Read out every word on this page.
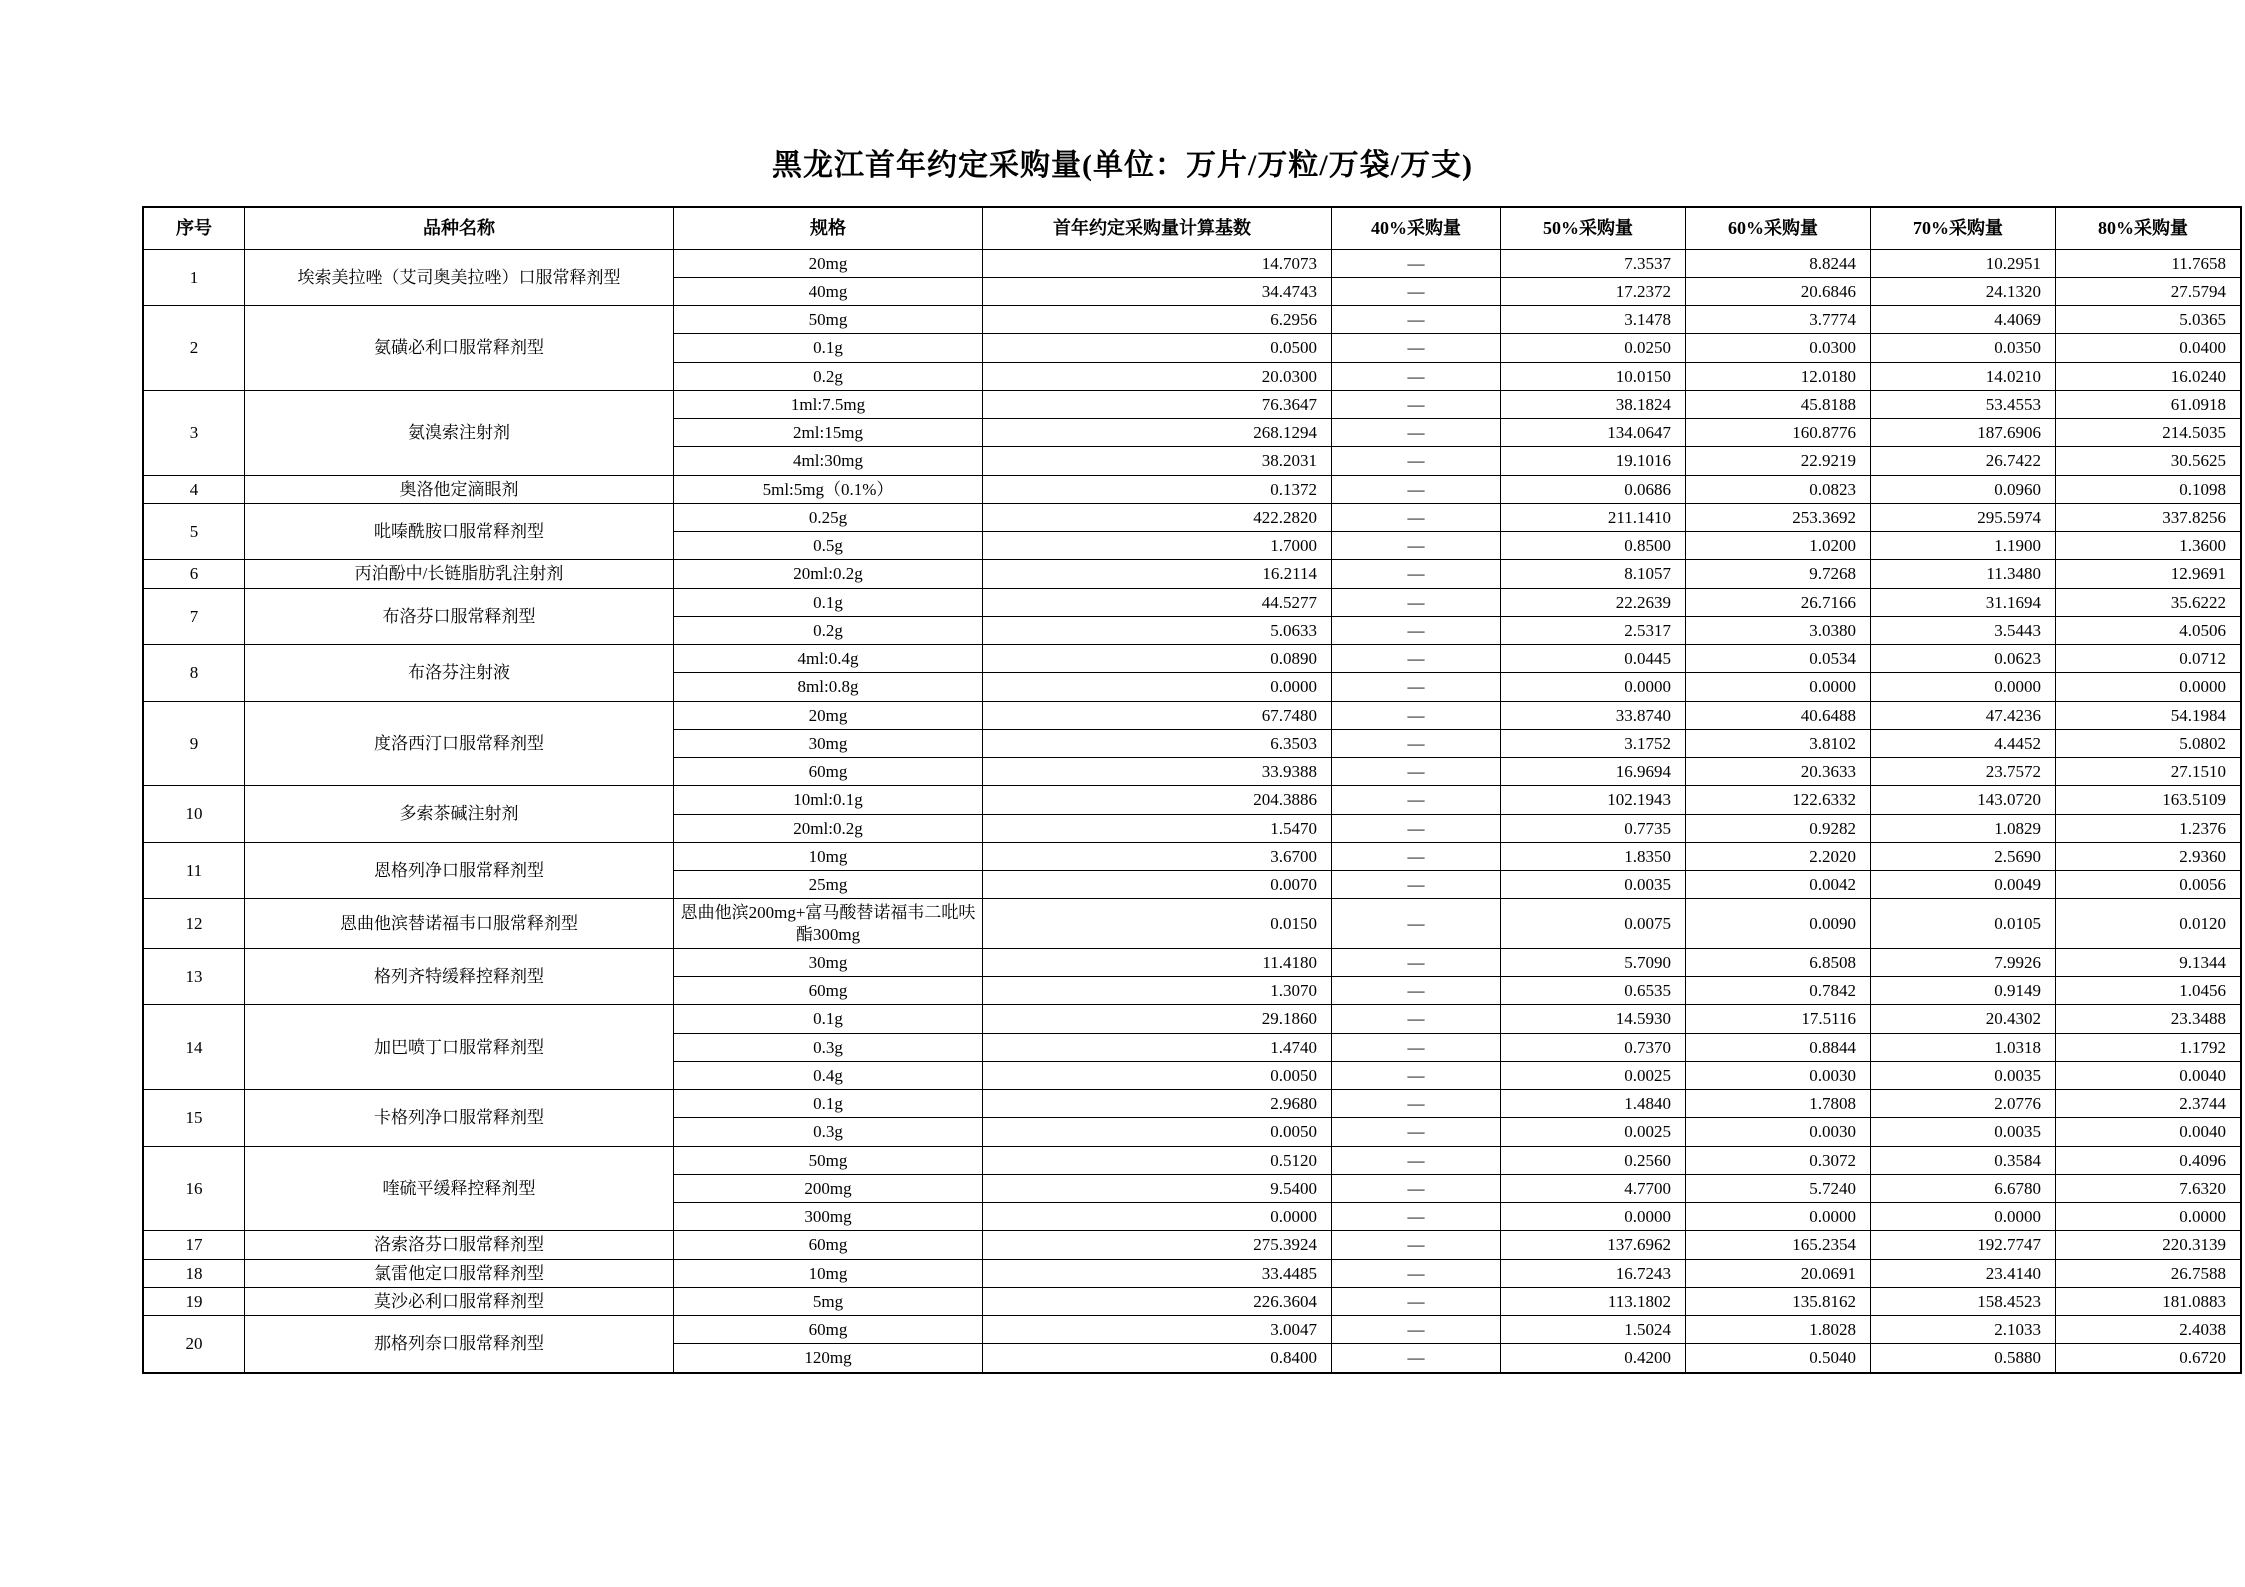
黑龙江首年约定采购量(单位：万片/万粒/万袋/万支)
序号	品种名称	规格	首年约定采购量计算基数	40%采购量	50%采购量	60%采购量	70%采购量	80%采购量
1	埃索美拉唑（艾司奥美拉唑）口服常释剂型	20mg	14.7073	—	7.3537	8.8244	10.2951	11.7658
		40mg	34.4743	—	17.2372	20.6846	24.1320	27.5794
2	氨磺必利口服常释剂型	50mg	6.2956	—	3.1478	3.7774	4.4069	5.0365
		0.1g	0.0500	—	0.0250	0.0300	0.0350	0.0400
		0.2g	20.0300	—	10.0150	12.0180	14.0210	16.0240
3	氨溴索注射剂	1ml:7.5mg	76.3647	—	38.1824	45.8188	53.4553	61.0918
		2ml:15mg	268.1294	—	134.0647	160.8776	187.6906	214.5035
		4ml:30mg	38.2031	—	19.1016	22.9219	26.7422	30.5625
4	奥洛他定滴眼剂	5ml:5mg（0.1%）	0.1372	—	0.0686	0.0823	0.0960	0.1098
5	吡嗪酰胺口服常释剂型	0.25g	422.2820	—	211.1410	253.3692	295.5974	337.8256
		0.5g	1.7000	—	0.8500	1.0200	1.1900	1.3600
6	丙泊酚中/长链脂肪乳注射剂	20ml:0.2g	16.2114	—	8.1057	9.7268	11.3480	12.9691
7	布洛芬口服常释剂型	0.1g	44.5277	—	22.2639	26.7166	31.1694	35.6222
		0.2g	5.0633	—	2.5317	3.0380	3.5443	4.0506
8	布洛芬注射液	4ml:0.4g	0.0890	—	0.0445	0.0534	0.0623	0.0712
		8ml:0.8g	0.0000	—	0.0000	0.0000	0.0000	0.0000
9	度洛西汀口服常释剂型	20mg	67.7480	—	33.8740	40.6488	47.4236	54.1984
		30mg	6.3503	—	3.1752	3.8102	4.4452	5.0802
		60mg	33.9388	—	16.9694	20.3633	23.7572	27.1510
10	多索茶碱注射剂	10ml:0.1g	204.3886	—	102.1943	122.6332	143.0720	163.5109
		20ml:0.2g	1.5470	—	0.7735	0.9282	1.0829	1.2376
11	恩格列净口服常释剂型	10mg	3.6700	—	1.8350	2.2020	2.5690	2.9360
		25mg	0.0070	—	0.0035	0.0042	0.0049	0.0056
12	恩曲他滨替诺福韦口服常释剂型	恩曲他滨200mg+富马酸替诺福韦二吡呋酯300mg	0.0150	—	0.0075	0.0090	0.0105	0.0120
13	格列齐特缓释控释剂型	30mg	11.4180	—	5.7090	6.8508	7.9926	9.1344
		60mg	1.3070	—	0.6535	0.7842	0.9149	1.0456
14	加巴喷丁口服常释剂型	0.1g	29.1860	—	14.5930	17.5116	20.4302	23.3488
		0.3g	1.4740	—	0.7370	0.8844	1.0318	1.1792
		0.4g	0.0050	—	0.0025	0.0030	0.0035	0.0040
15	卡格列净口服常释剂型	0.1g	2.9680	—	1.4840	1.7808	2.0776	2.3744
		0.3g	0.0050	—	0.0025	0.0030	0.0035	0.0040
16	喹硫平缓释控释剂型	50mg	0.5120	—	0.2560	0.3072	0.3584	0.4096
		200mg	9.5400	—	4.7700	5.7240	6.6780	7.6320
		300mg	0.0000	—	0.0000	0.0000	0.0000	0.0000
17	洛索洛芬口服常释剂型	60mg	275.3924	—	137.6962	165.2354	192.7747	220.3139
18	氯雷他定口服常释剂型	10mg	33.4485	—	16.7243	20.0691	23.4140	26.7588
19	莫沙必利口服常释剂型	5mg	226.3604	—	113.1802	135.8162	158.4523	181.0883
20	那格列奈口服常释剂型	60mg	3.0047	—	1.5024	1.8028	2.1033	2.4038
		120mg	0.8400	—	0.4200	0.5040	0.5880	0.6720
